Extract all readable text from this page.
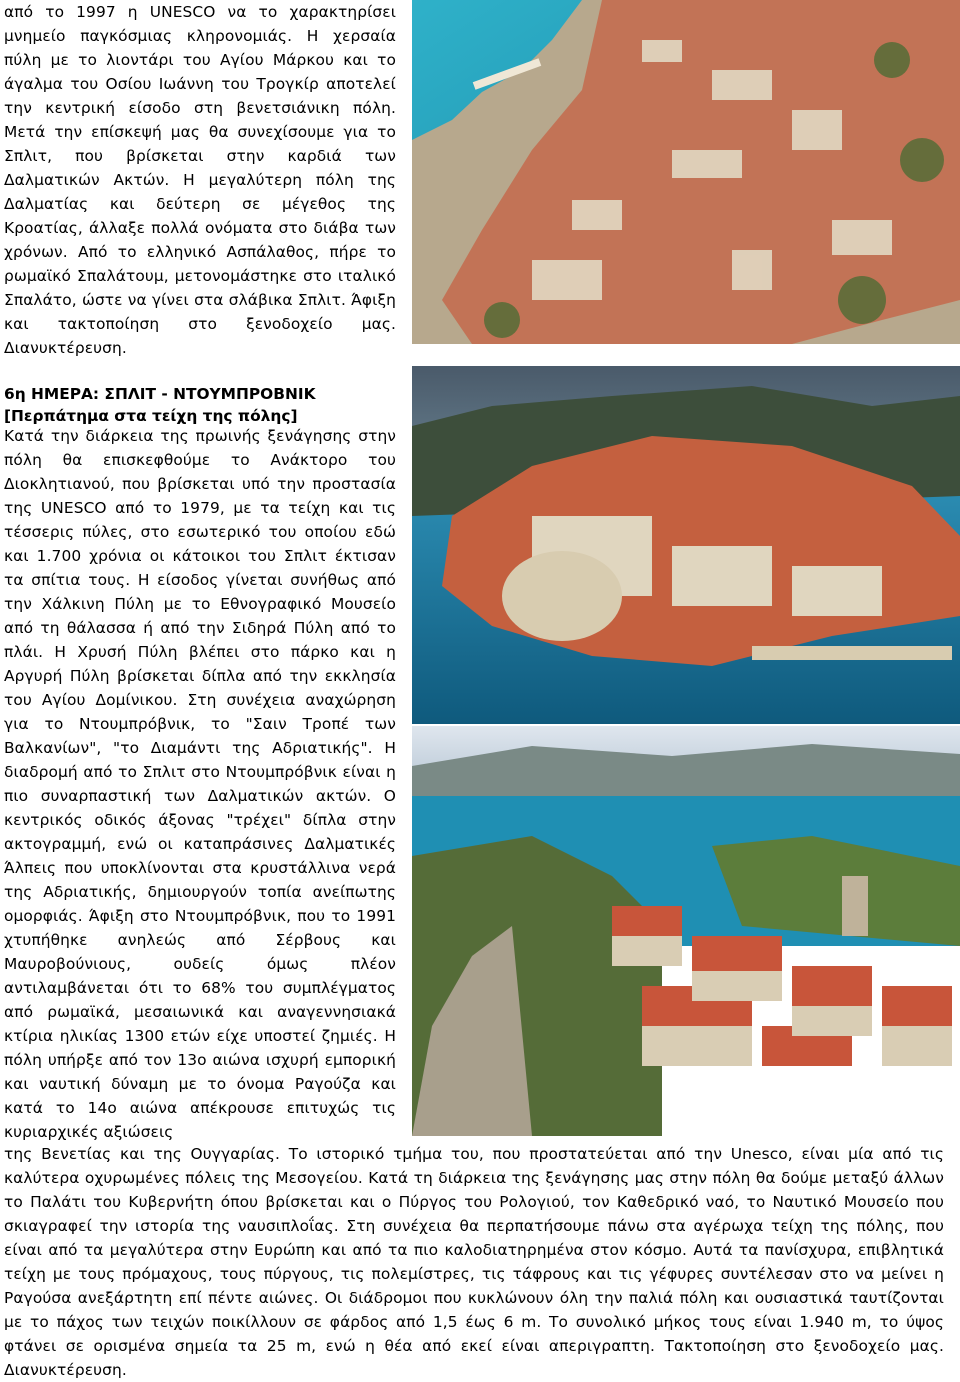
από το 1997 η UNESCO να το χαρακτηρίσει μνημείο παγκόσμιας κληρονομιάς. Η χερσαία πύλη με το λιοντάρι του Αγίου Μάρκου και το άγαλμα του Οσίου Ιωάννη του Τρογκίρ αποτελεί την κεντρική είσοδο στη βενετσιάνικη πόλη. Μετά την επίσκεψή μας θα συνεχίσουμε για το Σπλιτ, που βρίσκεται στην καρδιά των Δαλματικών Ακτών. Η μεγαλύτερη πόλη της Δαλματίας και δεύτερη σε μέγεθος της Κροατίας, άλλαξε πολλά ονόματα στο διάβα των χρόνων. Από το ελληνικό Ασπάλαθος, πήρε το ρωμαϊκό Σπαλάτουμ, μετονομάστηκε στο ιταλικό Σπαλάτο, ώστε να γίνει στα σλάβικα Σπλιτ. Άφιξη και τακτοποίηση στο ξενοδοχείο μας. Διανυκτέρευση.

6η ΗΜΕΡΑ: ΣΠΛΙΤ - ΝΤΟΥΜΠΡΟΒΝΙΚ
[Περπάτημα στα τείχη της πόλης]

Κατά την διάρκεια της πρωινής ξενάγησης στην πόλη θα επισκεφθούμε το Ανάκτορο του Διοκλητιανού, που βρίσκεται υπό την προστασία της UNESCO από το 1979, με τα τείχη και τις τέσσερις πύλες, στο εσωτερικό του οποίου εδώ και 1.700 χρόνια οι κάτοικοι του Σπλιτ έκτισαν τα σπίτια τους. Η είσοδος γίνεται συνήθως από την Χάλκινη Πύλη με το Εθνογραφικό Μουσείο από τη θάλασσα ή από την Σιδηρά Πύλη από το πλάι. Η Χρυσή Πύλη βλέπει στο πάρκο και η Αργυρή Πύλη βρίσκεται δίπλα από την εκκλησία του Αγίου Δομίνικου. Στη συνέχεια αναχώρηση για το Ντουμπρόβνικ, το "Σαιν Τροπέ των Βαλκανίων", "το Διαμάντι της Αδριατικής". Η διαδρομή από το Σπλιτ στο Ντουμπρόβνικ είναι η πιο συναρπαστική των Δαλματικών ακτών. Ο κεντρικός οδικός άξονας "τρέχει" δίπλα στην ακτογραμμή, ενώ οι καταπράσινες Δαλματικές Άλπεις που υποκλίνονται στα κρυστάλλινα νερά της Αδριατικής, δημιουργούν τοπία ανείπωτης ομορφιάς. Άφιξη στο Ντουμπρόβνικ, που το 1991 χτυπήθηκε ανηλεώς από Σέρβους και Μαυροβούνιους, ουδείς όμως πλέον αντιλαμβάνεται ότι το 68% του συμπλέγματος από ρωμαϊκά, μεσαιωνικά και αναγεννησιακά κτίρια ηλικίας 1300 ετών είχε υποστεί ζημιές. Η πόλη υπήρξε από τον 13ο αιώνα ισχυρή εμπορική και ναυτική δύναμη με το όνομα Ραγούζα και κατά το 14ο αιώνα απέκρουσε επιτυχώς τις κυριαρχικές αξιώσεις

της Βενετίας και της Ουγγαρίας. Το ιστορικό τμήμα του, που προστατεύεται από την Unesco, είναι μία από τις καλύτερα οχυρωμένες πόλεις της Μεσογείου. Κατά τη διάρκεια της ξενάγησης μας στην πόλη θα δούμε μεταξύ άλλων το Παλάτι του Κυβερνήτη όπου βρίσκεται και ο Πύργος του Ρολογιού, τον Καθεδρικό ναό, το Ναυτικό Μουσείο που σκιαγραφεί την ιστορία της ναυσιπλοΐας. Στη συνέχεια θα περπατήσουμε πάνω στα αγέρωχα τείχη της πόλης, που είναι από τα μεγαλύτερα στην Ευρώπη και από τα πιο καλοδιατηρημένα στον κόσμο. Αυτά τα πανίσχυρα, επιβλητικά τείχη με τους πρόμαχους, τους πύργους, τις πολεμίστρες, τις τάφρους και τις γέφυρες συντέλεσαν στο να μείνει η Ραγούσα ανεξάρτητη επί πέντε αιώνες. Οι διάδρομοι που κυκλώνουν όλη την παλιά πόλη και ουσιαστικά ταυτίζονται με το πάχος των τειχών ποικίλλουν σε φάρδος από 1,5 έως 6 m. Το συνολικό μήκος τους είναι 1.940 m, το ύψος φτάνει σε ορισμένα σημεία τα 25 m, ενώ η θέα από εκεί είναι απεριγραπτη. Τακτοποίηση στο ξενοδοχείο μας. Διανυκτέρευση.
